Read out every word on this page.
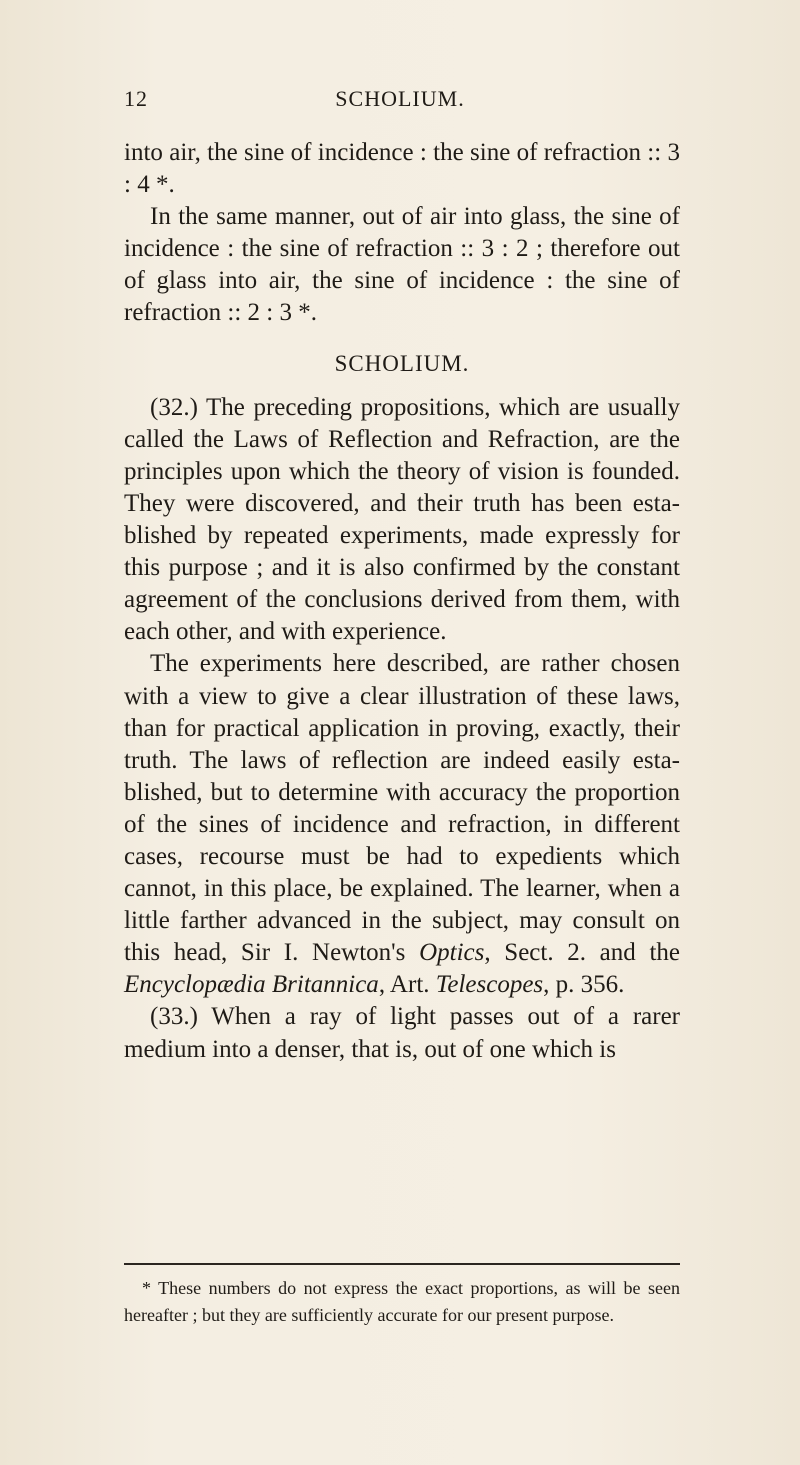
12	SCHOLIUM.

into air, the sine of incidence : the sine of refraction :: 3 : 4 *.

In the same manner, out of air into glass, the sine of incidence : the sine of refraction :: 3 : 2 ; therefore out of glass into air, the sine of incidence : the sine of refraction :: 2 : 3 *.

SCHOLIUM.

(32.) The preceding propositions, which are usually called the Laws of Reflection and Refraction, are the principles upon which the theory of vision is founded. They were discovered, and their truth has been established by repeated experiments, made expressly for this purpose ; and it is also confirmed by the constant agreement of the conclusions derived from them, with each other, and with experience.

The experiments here described, are rather chosen with a view to give a clear illustration of these laws, than for practical application in proving, exactly, their truth. The laws of reflection are indeed easily established, but to determine with accuracy the proportion of the sines of incidence and refraction, in different cases, recourse must be had to expedients which cannot, in this place, be explained. The learner, when a little farther advanced in the subject, may consult on this head, Sir I. Newton's Optics, Sect. 2. and the Encyclopædia Britannica, Art. Telescopes, p. 356.

(33.) When a ray of light passes out of a rarer medium into a denser, that is, out of one which is

* These numbers do not express the exact proportions, as will be seen hereafter ; but they are sufficiently accurate for our present purpose.
